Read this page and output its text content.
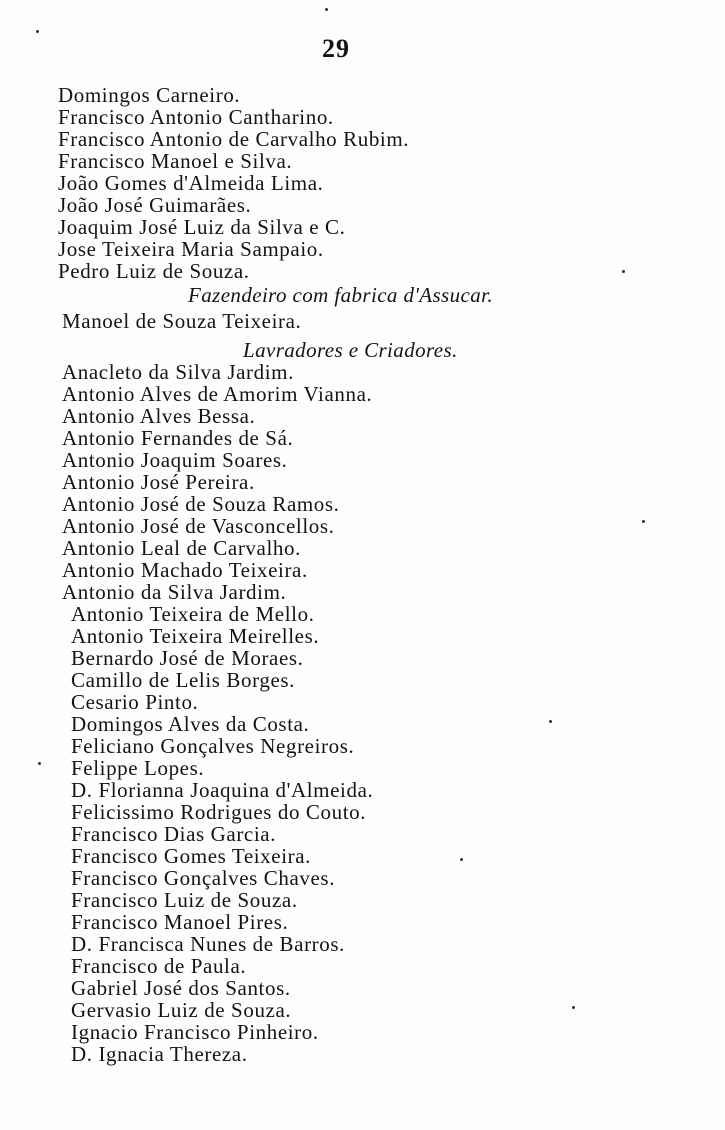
29
Domingos Carneiro.
Francisco Antonio Cantharino.
Francisco Antonio de Carvalho Rubim.
Francisco Manoel e Silva.
João Gomes d'Almeida Lima.
João José Guimarães.
Joaquim José Luiz da Silva e C.
Jose Teixeira Maria Sampaio.
Pedro Luiz de Souza.
Fazendeiro com fabrica d'Assucar.
Manoel de Souza Teixeira.
Lavradores e Criadores.
Anacleto da Silva Jardim.
Antonio Alves de Amorim Vianna.
Antonio Alves Bessa.
Antonio Fernandes de Sá.
Antonio Joaquim Soares.
Antonio José Pereira.
Antonio José de Souza Ramos.
Antonio José de Vasconcellos.
Antonio Leal de Carvalho.
Antonio Machado Teixeira.
Antonio da Silva Jardim.
Antonio Teixeira de Mello.
Antonio Teixeira Meirelles.
Bernardo José de Moraes.
Camillo de Lelis Borges.
Cesario Pinto.
Domingos Alves da Costa.
Feliciano Gonçalves Negreiros.
Felippe Lopes.
D. Florianna Joaquina d'Almeida.
Felicissimo Rodrigues do Couto.
Francisco Dias Garcia.
Francisco Gomes Teixeira.
Francisco Gonçalves Chaves.
Francisco Luiz de Souza.
Francisco Manoel Pires.
D. Francisca Nunes de Barros.
Francisco de Paula.
Gabriel José dos Santos.
Gervasio Luiz de Souza.
Ignacio Francisco Pinheiro.
D. Ignacia Thereza.
